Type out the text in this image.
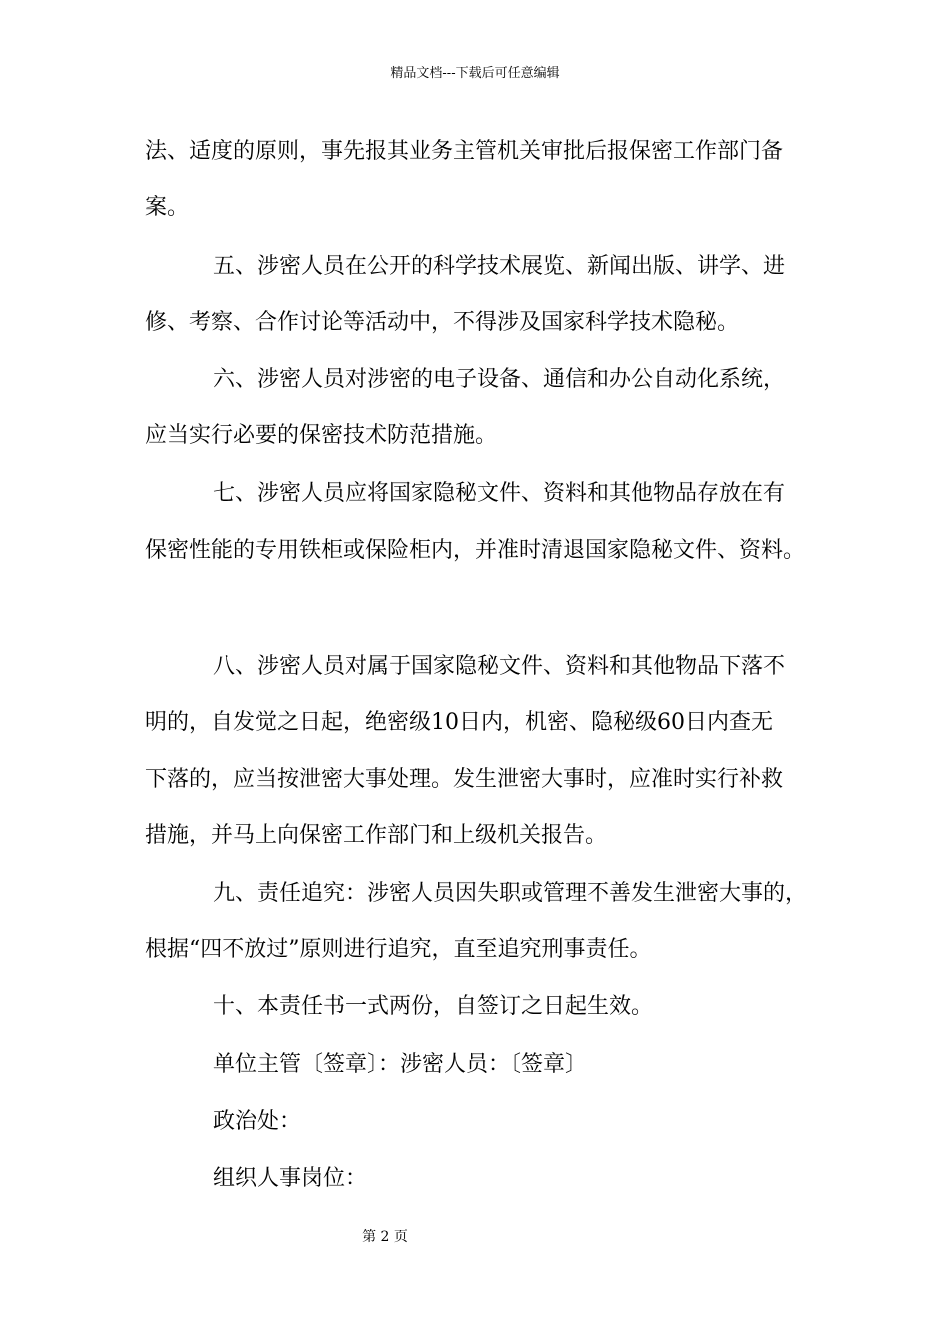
精品文档---下载后可任意编辑
法、适度的原则，事先报其业务主管机关审批后报保密工作部门备
案。
五、涉密人员在公开的科学技术展览、新闻出版、讲学、进
修、考察、合作讨论等活动中，不得涉及国家科学技术隐秘。
六、涉密人员对涉密的电子设备、通信和办公自动化系统，
应当实行必要的保密技术防范措施。
七、涉密人员应将国家隐秘文件、资料和其他物品存放在有
保密性能的专用铁柜或保险柜内，并准时清退国家隐秘文件、资料。
八、涉密人员对属于国家隐秘文件、资料和其他物品下落不
明的，自发觉之日起，绝密级10日内，机密、隐秘级60日内查无
下落的，应当按泄密大事处理。发生泄密大事时，应准时实行补救
措施，并马上向保密工作部门和上级机关报告。
九、责任追究：涉密人员因失职或管理不善发生泄密大事的，
根据“四不放过”原则进行追究，直至追究刑事责任。
十、本责任书一式两份，自签订之日起生效。
单位主管〔签章〕：涉密人员：〔签章〕
政治处：
组织人事岗位：
第 2 页
